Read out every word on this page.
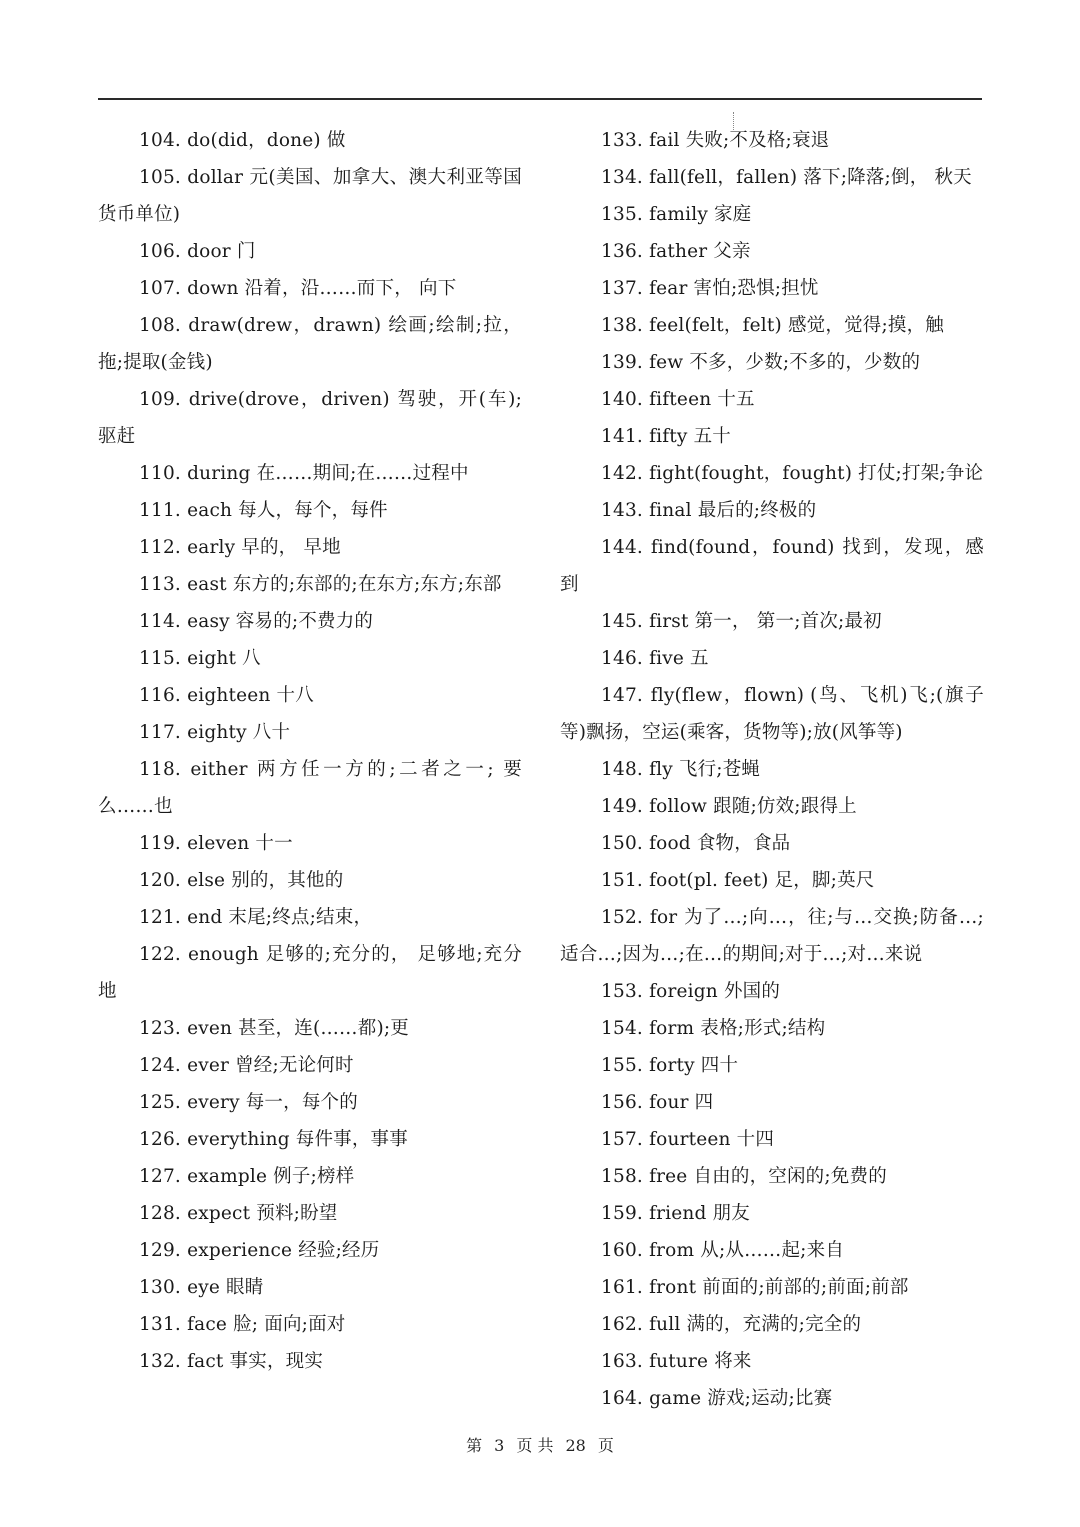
104. do(did，done) 做

105. dollar 元(美国、加拿大、澳大利亚等国货币单位)

106. door 门

107. down 沿着，沿……而下， 向下

108. draw(drew，drawn) 绘画;绘制;拉，拖;提取(金钱)

109. drive(drove，driven) 驾驶，开(车);驱赶

110. during 在……期间;在……过程中

111. each 每人，每个，每件

112. early 早的， 早地

113. east 东方的;东部的;在东方;东方;东部

114. easy 容易的;不费力的

115. eight 八

116. eighteen 十八

117. eighty 八十

118. either 两方任一方的;二者之一; 要么……也

119. eleven 十一

120. else 别的，其他的

121. end 末尾;终点;结束，

122. enough 足够的;充分的， 足够地;充分地

123. even 甚至，连(……都);更

124. ever 曾经;无论何时

125. every 每一，每个的

126. everything 每件事，事事

127. example 例子;榜样

128. expect 预料;盼望

129. experience 经验;经历

130. eye 眼睛

131. face 脸; 面向;面对

132. fact 事实，现实

133. fail 失败;不及格;衰退

134. fall(fell，fallen) 落下;降落;倒， 秋天

135. family 家庭

136. father 父亲

137. fear 害怕;恐惧;担忧

138. feel(felt，felt) 感觉，觉得;摸，触

139. few 不多，少数;不多的，少数的

140. fifteen 十五

141. fifty 五十

142. fight(fought，fought) 打仗;打架;争论

143. final 最后的;终极的

144. find(found，found) 找到，发现，感到

145. first 第一， 第一;首次;最初

146. five 五

147. fly(flew，flown) (鸟、飞机)飞;(旗子等)飘扬，空运(乘客，货物等);放(风筝等)

148. fly 飞行;苍蝇

149. follow 跟随;仿效;跟得上

150. food 食物，食品

151. foot(pl. feet) 足，脚;英尺

152. for 为了…;向…，往;与…交换;防备…;适合…;因为…;在…的期间;对于…;对…来说

153. foreign 外国的

154. form 表格;形式;结构

155. forty 四十

156. four 四

157. fourteen 十四

158. free 自由的，空闲的;免费的

159. friend 朋友

160. from 从;从……起;来自

161. front 前面的;前部的;前面;前部

162. full 满的，充满的;完全的

163. future 将来

164. game 游戏;运动;比赛

第 3 页 共 28 页
